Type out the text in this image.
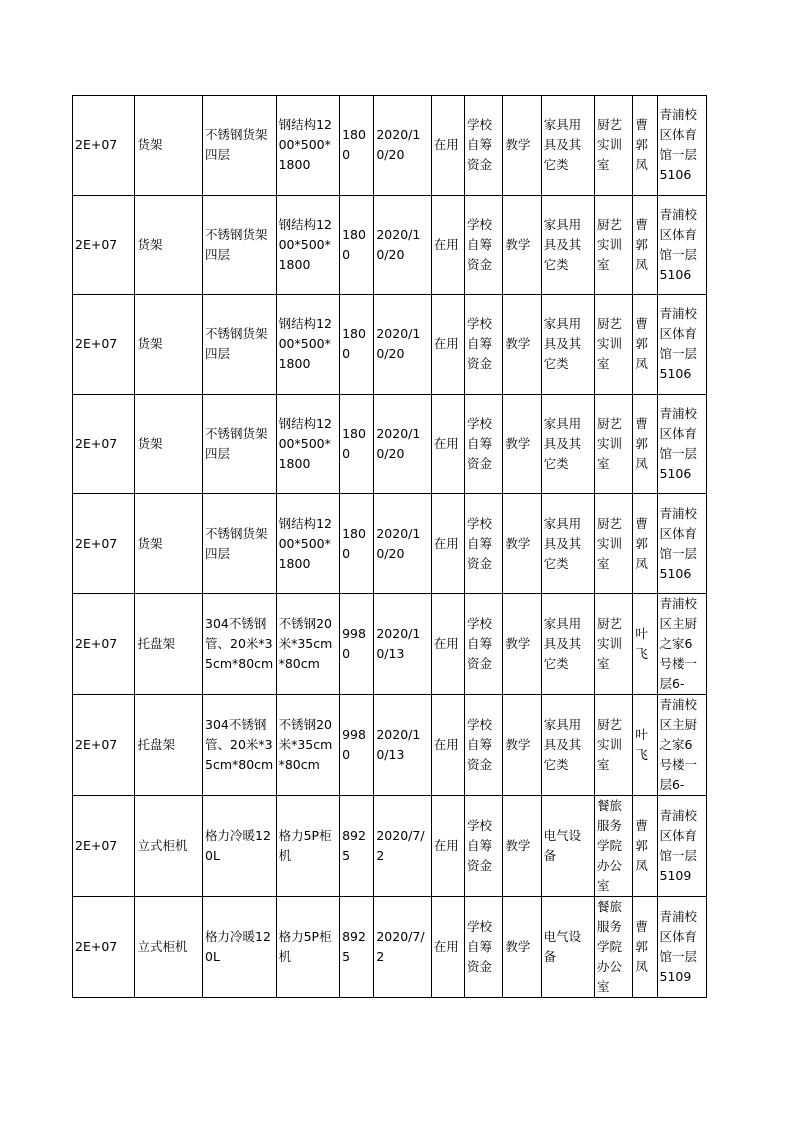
2E+07	货架	不锈钢货架四层	钢结构1200*500*1800	1800	2020/10/20	在用	学校自筹资金	教学	家具用具及其它类	厨艺实训室	曹郭凤	青浦校区体育馆一层5106
2E+07	货架	不锈钢货架四层	钢结构1200*500*1800	1800	2020/10/20	在用	学校自筹资金	教学	家具用具及其它类	厨艺实训室	曹郭凤	青浦校区体育馆一层5106
2E+07	货架	不锈钢货架四层	钢结构1200*500*1800	1800	2020/10/20	在用	学校自筹资金	教学	家具用具及其它类	厨艺实训室	曹郭凤	青浦校区体育馆一层5106
2E+07	货架	不锈钢货架四层	钢结构1200*500*1800	1800	2020/10/20	在用	学校自筹资金	教学	家具用具及其它类	厨艺实训室	曹郭凤	青浦校区体育馆一层5106
2E+07	货架	不锈钢货架四层	钢结构1200*500*1800	1800	2020/10/20	在用	学校自筹资金	教学	家具用具及其它类	厨艺实训室	曹郭凤	青浦校区体育馆一层5106
2E+07	托盘架	304不锈钢管、20米*35cm*80cm	不锈钢20米*35cm*80cm	9980	2020/10/13	在用	学校自筹资金	教学	家具用具及其它类	厨艺实训室	叶飞	青浦校区主厨之家6号楼一层6-
2E+07	托盘架	304不锈钢管、20米*35cm*80cm	不锈钢20米*35cm*80cm	9980	2020/10/13	在用	学校自筹资金	教学	家具用具及其它类	厨艺实训室	叶飞	青浦校区主厨之家6号楼一层6-
2E+07	立式柜机	格力冷暖120L	格力5P柜机	8925	2020/7/2	在用	学校自筹资金	教学	电气设备	餐旅服务学院办公室	曹郭凤	青浦校区体育馆一层5109
2E+07	立式柜机	格力冷暖120L	格力5P柜机	8925	2020/7/2	在用	学校自筹资金	教学	电气设备	餐旅服务学院办公室	曹郭凤	青浦校区体育馆一层5109
